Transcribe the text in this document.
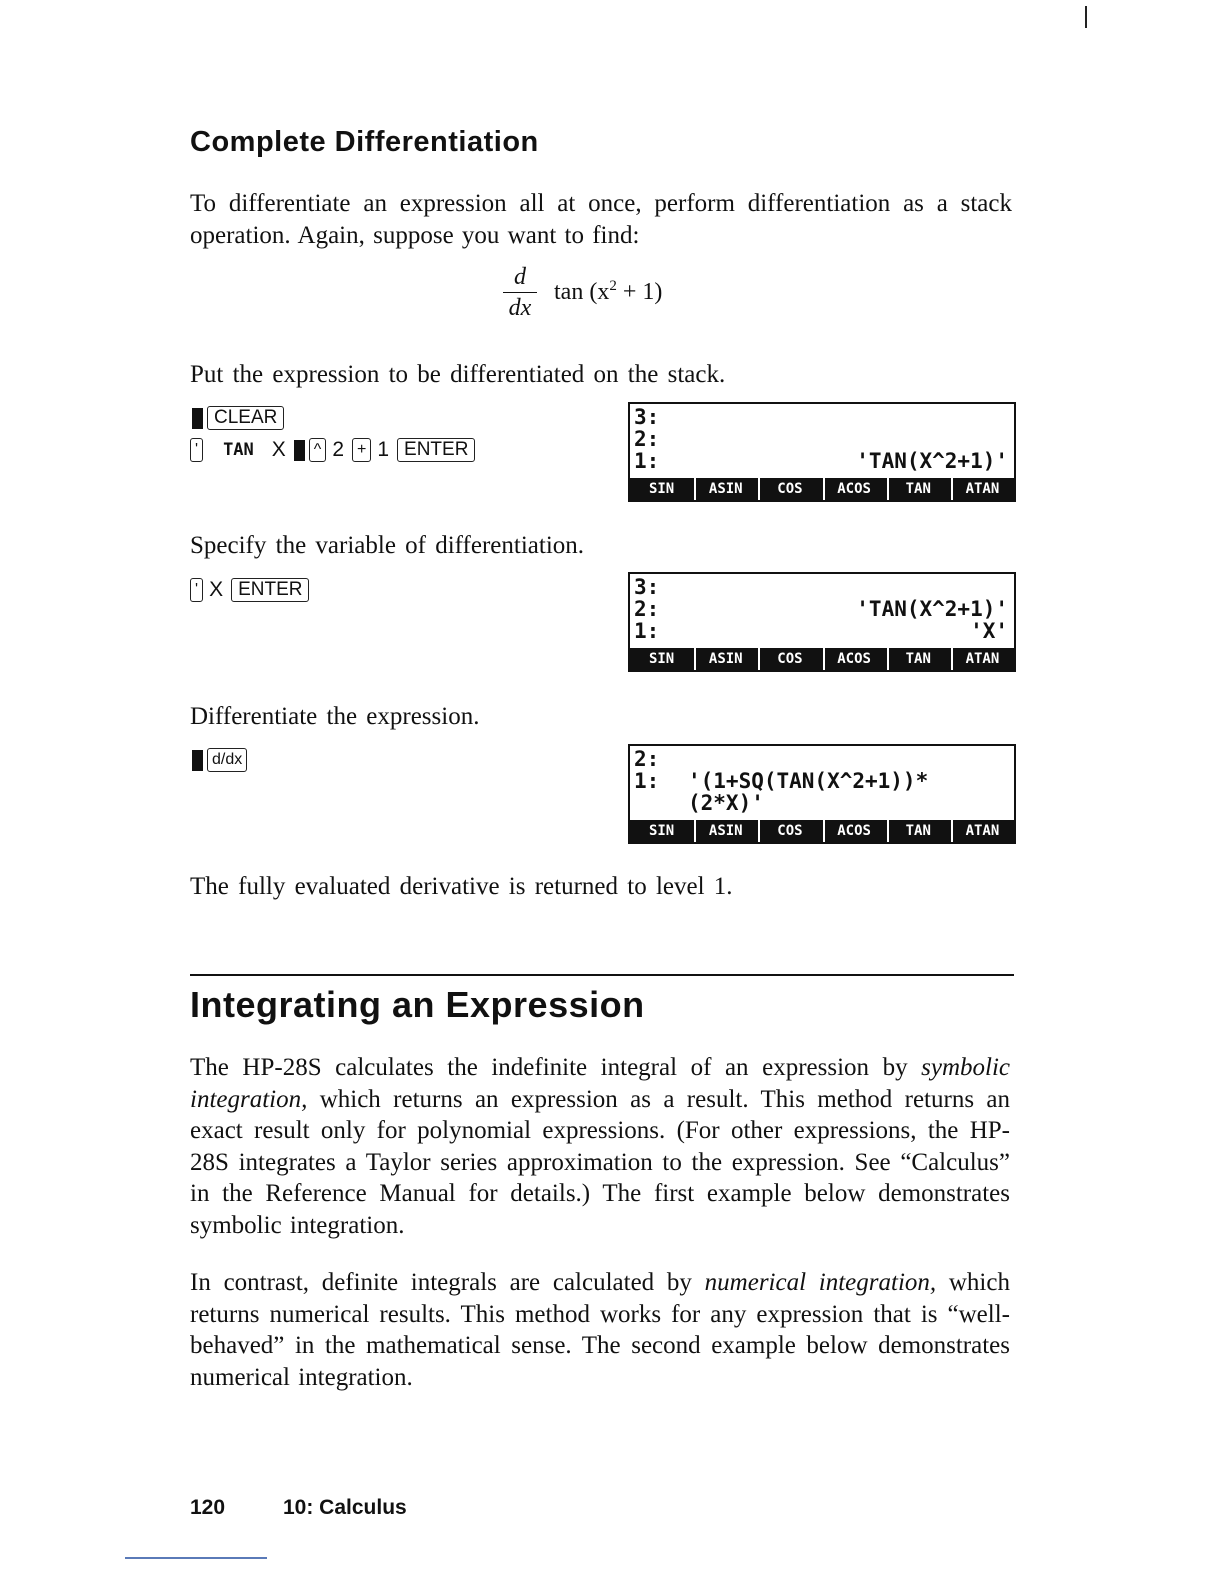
Complete Differentiation
To differentiate an expression all at once, perform differentiation as a stack operation. Again, suppose you want to find:
d
dx
$\tan (x^2 + 1)$
Put the expression to be differentiated on the stack.
CLEAR
' TAN X	^ 2 + 1 ENTER
3:
2:
1:	'TAN(X^2+1)'
SIN	ASIN	COS	ACOS	TAN	ATAN
Specify the variable of differentiation.
' X ENTER	3:
2:	'TAN(X^2+1)'
1:	'X'
SIN	ASIN	COS	ACOS	TAN	ATAN
Differentiate the expression.
d/dx	2:
1: '(1+SQ(TAN(X^2+1))*
(2*X)'
SIN	ASIN	COS	ACOS	TAN	ATAN
The fully evaluated derivative is returned to level 1.
Integrating an Expression
The HP-28S calculates the indefinite integral of an expression by symbolic integration, which returns an expression as a result. This method returns an exact result only for polynomial expressions. (For other expressions, the HP-28S integrates a Taylor series approximation to the expression. See “Calculus” in the Reference Manual for details.) The first example below demonstrates symbolic integration.
In contrast, definite integrals are calculated by numerical integration, which returns numerical results. This method works for any expression that is “well-behaved” in the mathematical sense. The second example below demonstrates numerical integration.
120	10: Calculus
